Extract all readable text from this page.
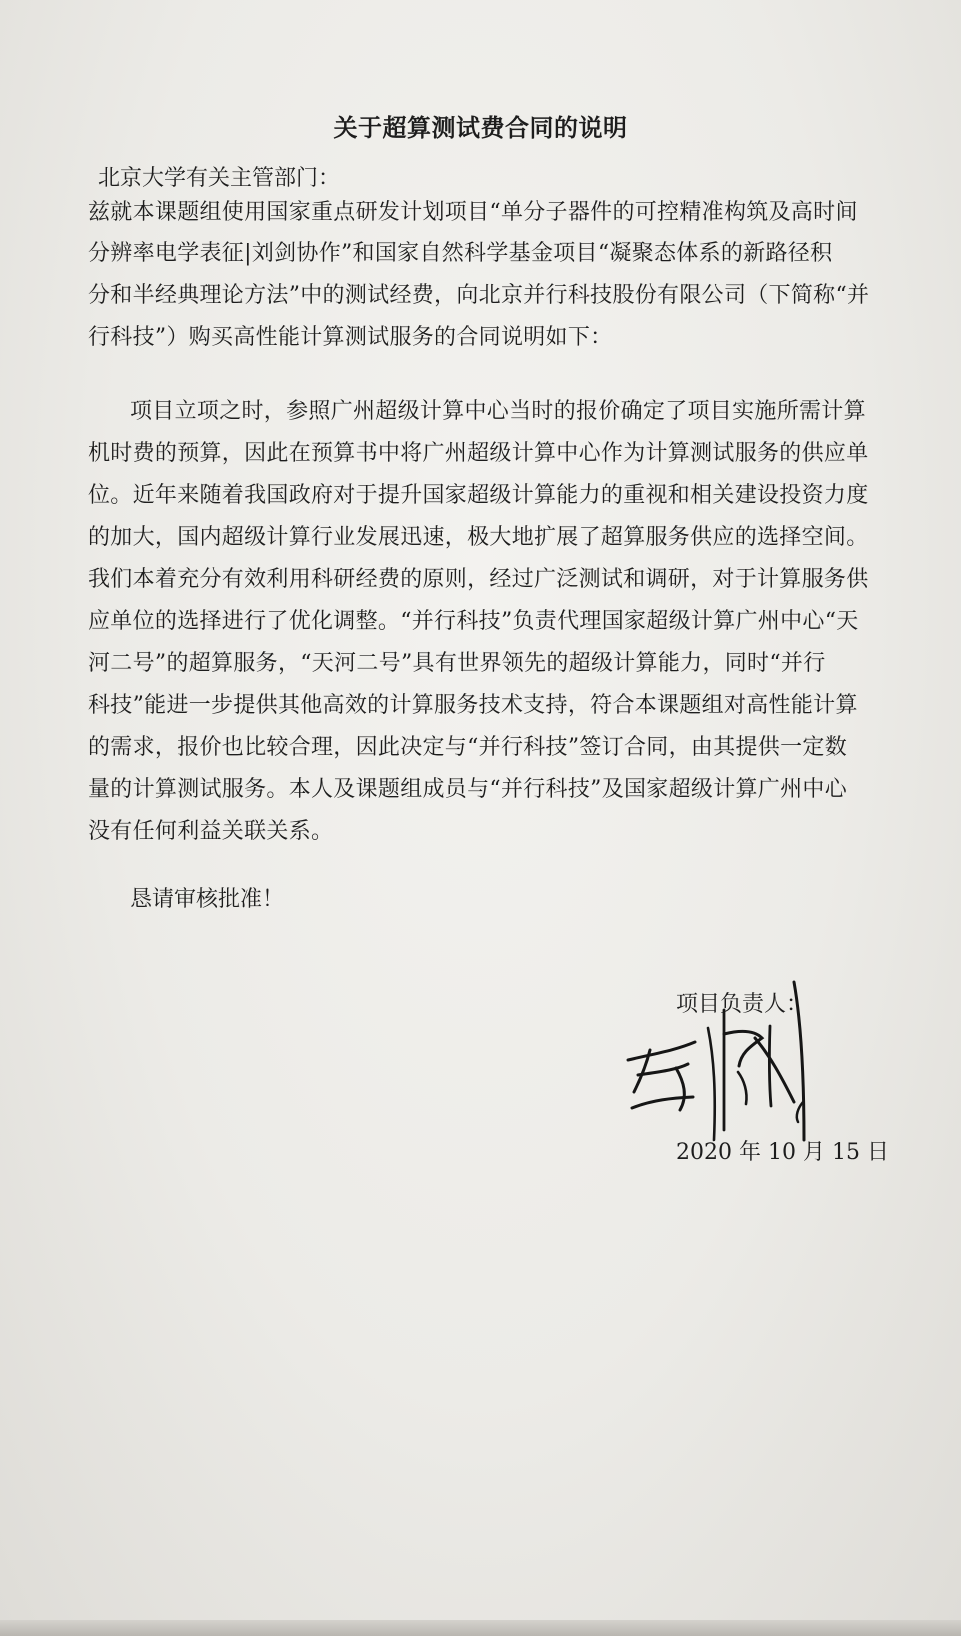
关于超算测试费合同的说明
北京大学有关主管部门：
兹就本课题组使用国家重点研发计划项目“单分子器件的可控精准构筑及高时间
分辨率电学表征|刘剑协作”和国家自然科学基金项目“凝聚态体系的新路径积
分和半经典理论方法”中的测试经费，向北京并行科技股份有限公司（下简称“并
行科技”）购买高性能计算测试服务的合同说明如下：
项目立项之时，参照广州超级计算中心当时的报价确定了项目实施所需计算
机时费的预算，因此在预算书中将广州超级计算中心作为计算测试服务的供应单
位。近年来随着我国政府对于提升国家超级计算能力的重视和相关建设投资力度
的加大，国内超级计算行业发展迅速，极大地扩展了超算服务供应的选择空间。
我们本着充分有效利用科研经费的原则，经过广泛测试和调研，对于计算服务供
应单位的选择进行了优化调整。“并行科技”负责代理国家超级计算广州中心“天
河二号”的超算服务，“天河二号”具有世界领先的超级计算能力，同时“并行
科技”能进一步提供其他高效的计算服务技术支持，符合本课题组对高性能计算
的需求，报价也比较合理，因此决定与“并行科技”签订合同，由其提供一定数
量的计算测试服务。本人及课题组成员与“并行科技”及国家超级计算广州中心
没有任何利益关联关系。
恳请审核批准！
项目负责人：
2020 年 10 月 15 日
